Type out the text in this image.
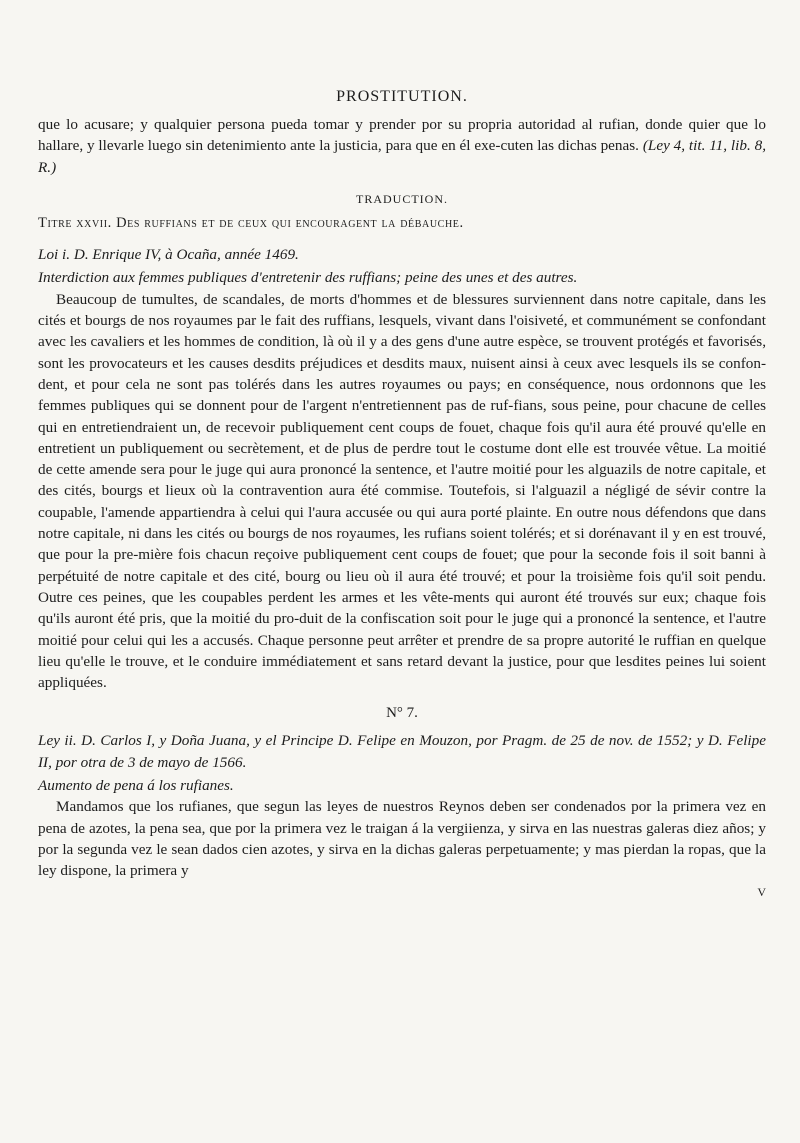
PROSTITUTION.

que lo acusare; y qualquier persona pueda tomar y prender por su propria autoridad al rufian, donde quier que lo hallare, y llevarle luego sin detenimiento ante la justicia, para que en él exe-cuten las dichas penas. (Ley 4, tit. 11, lib. 8, R.)

TRADUCTION.

Titre xxvii. Des ruffians et de ceux qui encouragent la débauche.

Loi i. D. Enrique IV, à Ocaña, année 1469.

Interdiction aux femmes publiques d'entretenir des ruffians; peine des unes et des autres.

Beaucoup de tumultes, de scandales, de morts d'hommes et de blessures surviennent dans notre capitale, dans les cités et bourgs de nos royaumes par le fait des ruffians, lesquels, vivant dans l'oisiveté, et communément se confondant avec les cavaliers et les hommes de condition, là où il y a des gens d'une autre espèce, se trouvent protégés et favorisés, sont les provocateurs et les causes desdits préjudices et desdits maux, nuisent ainsi à ceux avec lesquels ils se confon-dent, et pour cela ne sont pas tolérés dans les autres royaumes ou pays; en conséquence, nous ordonnons que les femmes publiques qui se donnent pour de l'argent n'entretiennent pas de ruf-fians, sous peine, pour chacune de celles qui en entretiendraient un, de recevoir publiquement cent coups de fouet, chaque fois qu'il aura été prouvé qu'elle en entretient un publiquement ou secrètement, et de plus de perdre tout le costume dont elle est trouvée vêtue. La moitié de cette amende sera pour le juge qui aura prononcé la sentence, et l'autre moitié pour les alguazils de notre capitale, et des cités, bourgs et lieux où la contravention aura été commise. Toutefois, si l'alguazil a négligé de sévir contre la coupable, l'amende appartiendra à celui qui l'aura accusée ou qui aura porté plainte. En outre nous défendons que dans notre capitale, ni dans les cités ou bourgs de nos royaumes, les rufians soient tolérés; et si dorénavant il y en est trouvé, que pour la pre-mière fois chacun reçoive publiquement cent coups de fouet; que pour la seconde fois il soit banni à perpétuité de notre capitale et des cité, bourg ou lieu où il aura été trouvé; et pour la troisième fois qu'il soit pendu. Outre ces peines, que les coupables perdent les armes et les vête-ments qui auront été trouvés sur eux; chaque fois qu'ils auront été pris, que la moitié du pro-duit de la confiscation soit pour le juge qui a prononcé la sentence, et l'autre moitié pour celui qui les a accusés. Chaque personne peut arrêter et prendre de sa propre autorité le ruffian en quelque lieu qu'elle le trouve, et le conduire immédiatement et sans retard devant la justice, pour que lesdites peines lui soient appliquées.

N° 7.

Ley ii. D. Carlos I, y Doña Juana, y el Principe D. Felipe en Mouzon, por Pragm. de 25 de nov. de 1552; y D. Felipe II, por otra de 3 de mayo de 1566.

Aumento de pena á los rufianes.

Mandamos que los rufianes, que segun las leyes de nuestros Reynos deben ser condenados por la primera vez en pena de azotes, la pena sea, que por la primera vez le traigan á la vergiienza, y sirva en las nuestras galeras diez años; y por la segunda vez le sean dados cien azotes, y sirva en la dichas galeras perpetuamente; y mas pierdan la ropas, que la ley dispone, la primera y

V
